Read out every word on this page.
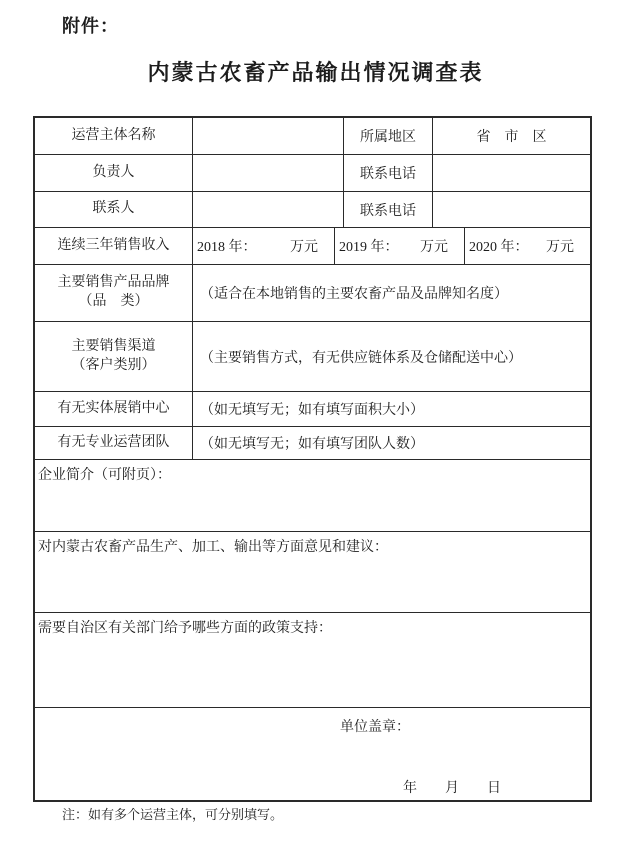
附件：
内蒙古农畜产品输出情况调查表
运营主体名称	所属地区	省　市　区
负责人	联系电话
联系人	联系电话
连续三年销售收入	2018 年： 万元 2019 年： 万元 2020 年： 万元
主要销售产品品牌
（品　类）	（适合在本地销售的主要农畜产品及品牌知名度）
主要销售渠道
（客户类别）	（主要销售方式，有无供应链体系及仓储配送中心）
有无实体展销中心	（如无填写无；如有填写面积大小）
有无专业运营团队	（如无填写无；如有填写团队人数）
企业简介（可附页）：
对内蒙古农畜产品生产、加工、输出等方面意见和建议：
需要自治区有关部门给予哪些方面的政策支持：
单位盖章：
年　　月　　日
注：如有多个运营主体，可分别填写。
